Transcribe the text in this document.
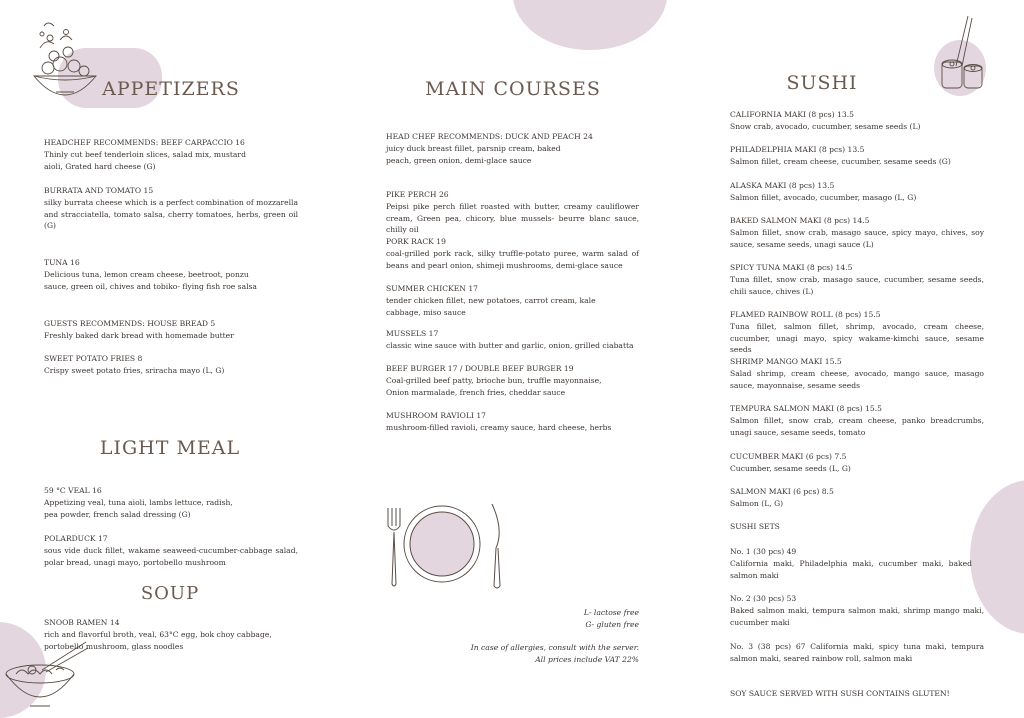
APPETIZERS
HEADCHEF RECOMMENDS: BEEF CARPACCIO 16
Thinly cut beef tenderloin slices, salad mix, mustard aioli, Grated hard cheese (G)
BURRATA AND TOMATO 15
silky burrata cheese which is a perfect combination of mozzarella and stracciatella, tomato salsa, cherry tomatoes, herbs, green oil (G)
TUNA 16
Delicious tuna, lemon cream cheese, beetroot, ponzu sauce, green oil, chives and tobiko- flying fish roe salsa
GUESTS RECOMMENDS: HOUSE BREAD 5
Freshly baked dark bread with homemade butter
SWEET POTATO FRIES 8
Crispy sweet potato fries, sriracha mayo (L, G)
LIGHT MEAL
59 °C VEAL 16
Appetizing veal, tuna aioli, lambs lettuce, radish, pea powder, french salad dressing (G)
POLARDUCK 17
sous vide duck fillet, wakame seaweed-cucumber-cabbage salad, polar bread, unagi mayo, portobello mushroom
SOUP
SNOOB RAMEN 14
rich and flavorful broth, veal, 63°C egg, bok choy cabbage, portobello mushroom, glass noodles
MAIN COURSES
HEAD CHEF RECOMMENDS: DUCK AND PEACH 24
juicy duck breast fillet, parsnip cream, baked peach, green onion, demi-glace sauce
PIKE PERCH 26
Peipsi pike perch fillet roasted with butter, creamy cauliflower cream, Green pea, chicory, blue mussels- beurre blanc sauce, chilly oil
PORK RACK 19
coal-grilled pork rack, silky truffle-potato puree, warm salad of beans and pearl onion, shimeji mushrooms, demi-glace sauce
SUMMER CHICKEN 17
tender chicken fillet, new potatoes, carrot cream, kale cabbage, miso sauce
MUSSELS 17
classic wine sauce with butter and garlic, onion, grilled ciabatta
BEEF BURGER 17 / DOUBLE BEEF BURGER 19
Coal-grilled beef patty, brioche bun, truffle mayonnaise, Onion marmalade, french fries, cheddar sauce
MUSHROOM RAVIOLI 17
mushroom-filled ravioli, creamy sauce, hard cheese, herbs
L- lactose free
G- gluten free
In case of allergies, consult with the server.
All prices include VAT 22%
SUSHI
CALIFORNIA MAKI (8 pcs) 13.5
Snow crab, avocado, cucumber, sesame seeds (L)
PHILADELPHIA MAKI (8 pcs) 13.5
Salmon fillet, cream cheese, cucumber, sesame seeds (G)
ALASKA MAKI (8 pcs) 13.5
Salmon fillet, avocado, cucumber, masago (L, G)
BAKED SALMON MAKI (8 pcs) 14.5
Salmon fillet, snow crab, masago sauce, spicy mayo, chives, soy sauce, sesame seeds, unagi sauce (L)
SPICY TUNA MAKI (8 pcs) 14.5
Tuna fillet, snow crab, masago sauce, cucumber, sesame seeds, chili sauce, chives (L)
FLAMED RAINBOW ROLL (8 pcs) 15.5
Tuna fillet, salmon fillet, shrimp, avocado, cream cheese, cucumber, unagi mayo, spicy wakame-kimchi sauce, sesame seeds
SHRIMP MANGO MAKI 15.5
Salad shrimp, cream cheese, avocado, mango sauce, masago sauce, mayonnaise, sesame seeds
TEMPURA SALMON MAKI (8 pcs) 15.5
Salmon fillet, snow crab, cream cheese, panko breadcrumbs, unagi sauce, sesame seeds, tomato
CUCUMBER MAKI (6 pcs) 7.5
Cucumber, sesame seeds (L, G)
SALMON MAKI (6 pcs) 8.5
Salmon (L, G)
SUSHI SETS
No. 1 (30 pcs) 49
California maki, Philadelphia maki, cucumber maki, baked salmon maki
No. 2 (30 pcs) 53
Baked salmon maki, tempura salmon maki, shrimp mango maki, cucumber maki
No. 3 (38 pcs) 67 California maki, spicy tuna maki, tempura salmon maki, seared rainbow roll, salmon maki
SOY SAUCE SERVED WITH SUSH CONTAINS GLUTEN!
